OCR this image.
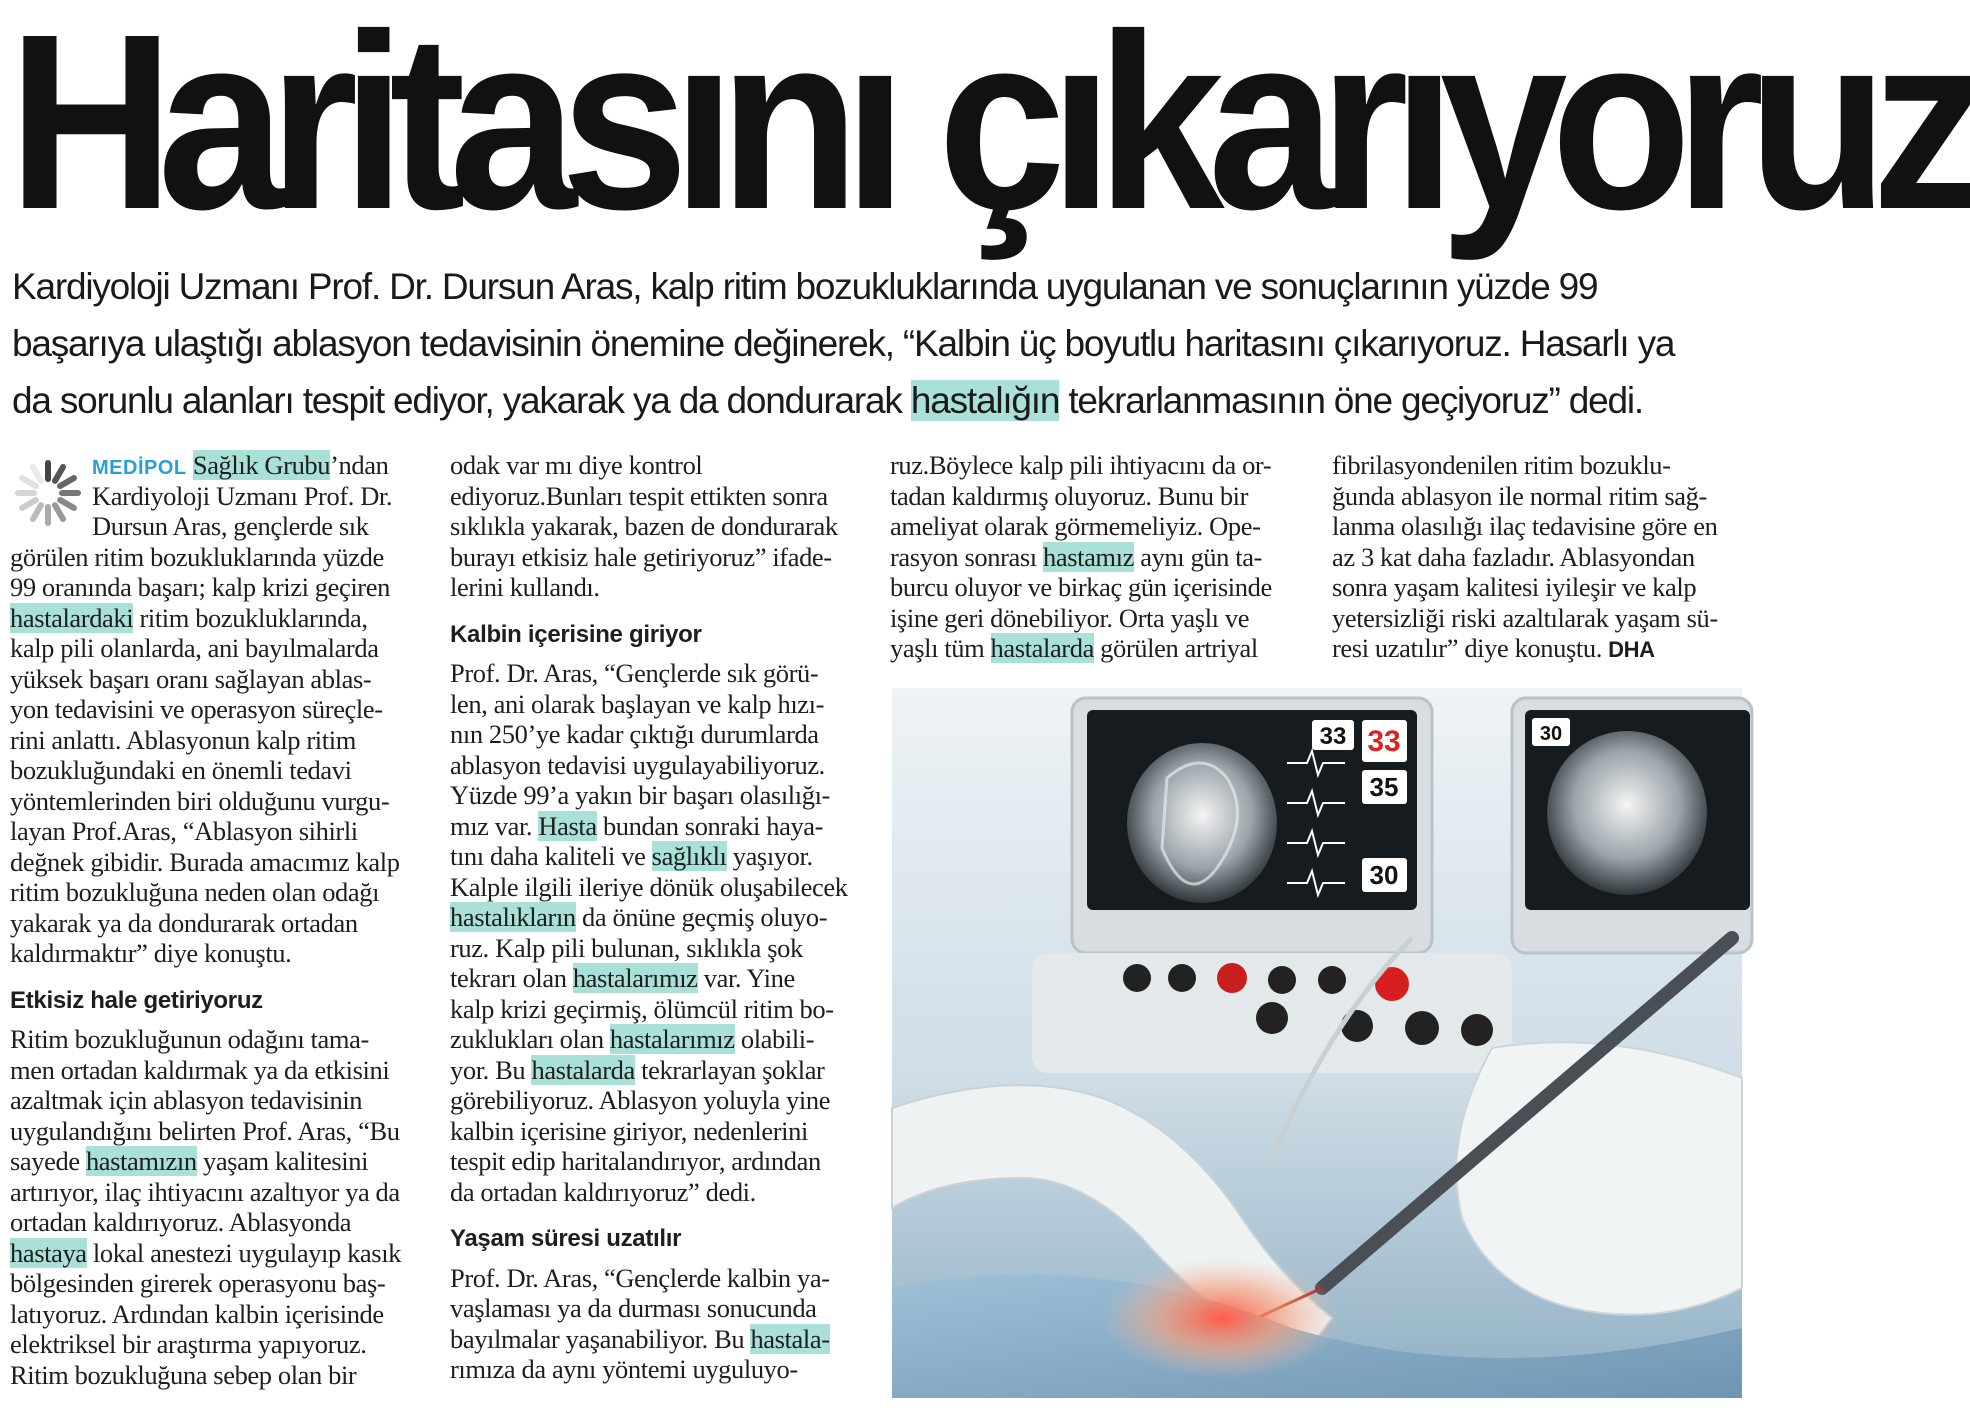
Haritasını çıkarıyoruz
Kardiyoloji Uzmanı Prof. Dr. Dursun Aras, kalp ritim bozukluklarında uygulanan ve sonuçlarının yüzde 99
başarıya ulaştığı ablasyon tedavisinin önemine değinerek, “Kalbin üç boyutlu haritasını çıkarıyoruz. Hasarlı ya
da sorunlu alanları tespit ediyor, yakarak ya da dondurarak hastalığın tekrarlanmasının öne geçiyoruz” dedi.
MEDİPOL Sağlık Grubu’ndan
Kardiyoloji Uzmanı Prof. Dr.
Dursun Aras, gençlerde sık
görülen ritim bozukluklarında yüzde
99 oranında başarı; kalp krizi geçiren
hastalardaki ritim bozukluklarında,
kalp pili olanlarda, ani bayılmalarda
yüksek başarı oranı sağlayan ablas-
yon tedavisini ve operasyon süreçle-
rini anlattı. Ablasyonun kalp ritim
bozukluğundaki en önemli tedavi
yöntemlerinden biri olduğunu vurgu-
layan Prof.Aras, “Ablasyon sihirli
değnek gibidir. Burada amacımız kalp
ritim bozukluğuna neden olan odağı
yakarak ya da dondurarak ortadan
kaldırmaktır” diye konuştu.
Etkisiz hale getiriyoruz
Ritim bozukluğunun odağını tama-
men ortadan kaldırmak ya da etkisini
azaltmak için ablasyon tedavisinin
uygulandığını belirten Prof. Aras, “Bu
sayede hastamızın yaşam kalitesini
artırıyor, ilaç ihtiyacını azaltıyor ya da
ortadan kaldırıyoruz. Ablasyonda
hastaya lokal anestezi uygulayıp kasık
bölgesinden girerek operasyonu baş-
latıyoruz. Ardından kalbin içerisinde
elektriksel bir araştırma yapıyoruz.
Ritim bozukluğuna sebep olan bir
odak var mı diye kontrol
ediyoruz.Bunları tespit ettikten sonra
sıklıkla yakarak, bazen de dondurarak
burayı etkisiz hale getiriyoruz” ifade-
lerini kullandı.
Kalbin içerisine giriyor
Prof. Dr. Aras, “Gençlerde sık görü-
len, ani olarak başlayan ve kalp hızı-
nın 250’ye kadar çıktığı durumlarda
ablasyon tedavisi uygulayabiliyoruz.
Yüzde 99’a yakın bir başarı olasılığı-
mız var. Hasta bundan sonraki haya-
tını daha kaliteli ve sağlıklı yaşıyor.
Kalple ilgili ileriye dönük oluşabilecek
hastalıkların da önüne geçmiş oluyo-
ruz. Kalp pili bulunan, sıklıkla şok
tekrarı olan hastalarımız var. Yine
kalp krizi geçirmiş, ölümcül ritim bo-
zuklukları olan hastalarımız olabili-
yor. Bu hastalarda tekrarlayan şoklar
görebiliyoruz. Ablasyon yoluyla yine
kalbin içerisine giriyor, nedenlerini
tespit edip haritalandırıyor, ardından
da ortadan kaldırıyoruz” dedi.
Yaşam süresi uzatılır
Prof. Dr. Aras, “Gençlerde kalbin ya-
vaşlaması ya da durması sonucunda
bayılmalar yaşanabiliyor. Bu hastala-
rımıza da aynı yöntemi uyguluyo-
ruz.Böylece kalp pili ihtiyacını da or-
tadan kaldırmış oluyoruz. Bunu bir
ameliyat olarak görmemeliyiz. Ope-
rasyon sonrası hastamız aynı gün ta-
burcu oluyor ve birkaç gün içerisinde
işine geri dönebiliyor. Orta yaşlı ve
yaşlı tüm hastalarda görülen artriyal
fibrilasyondenilen ritim bozuklu-
ğunda ablasyon ile normal ritim sağ-
lanma olasılığı ilaç tedavisine göre en
az 3 kat daha fazladır. Ablasyondan
sonra yaşam kalitesi iyileşir ve kalp
yetersizliği riski azaltılarak yaşam sü-
resi uzatılır” diye konuştu. DHA
33 33
35
30
30
